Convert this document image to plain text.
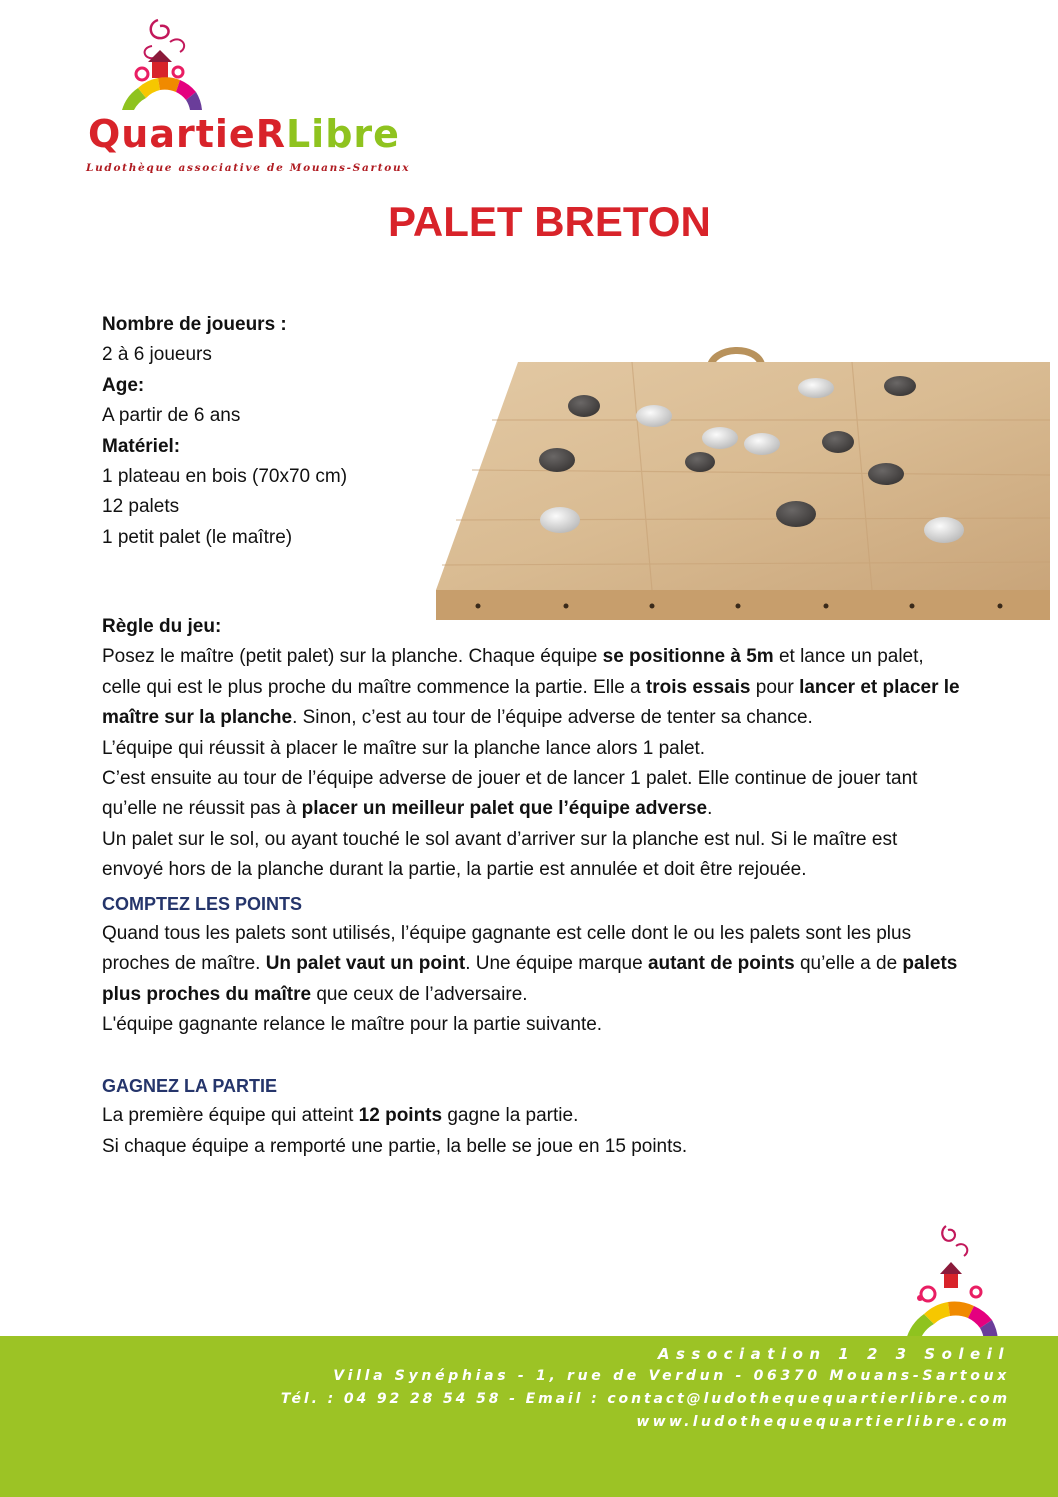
QuartieRLibre
Ludothèque associative de Mouans-Sartoux
PALET BRETON
Nombre de joueurs :
2 à 6 joueurs
Age:
A partir de 6 ans
Matériel:
1 plateau en bois (70x70 cm)
12 palets
1 petit palet (le maître)

Règle du jeu:

Posez le maître (petit palet) sur la planche. Chaque équipe se positionne à 5m et lance un palet, celle qui est le plus proche du maître commence la partie. Elle a trois essais pour lancer et placer le maître sur la planche. Sinon, c’est au tour de l’équipe adverse de tenter sa chance.

L’équipe qui réussit à placer le maître sur la planche lance alors 1 palet.

C’est ensuite au tour de l’équipe adverse de jouer et de lancer 1 palet. Elle continue de jouer tant qu’elle ne réussit pas à placer un meilleur palet que l’équipe adverse.

Un palet sur le sol, ou ayant touché le sol avant d’arriver sur la planche est nul. Si le maître est envoyé hors de la planche durant la partie, la partie est annulée et doit être rejouée.

COMPTEZ LES POINTS

Quand tous les palets sont utilisés, l’équipe gagnante est celle dont le ou les palets sont les plus proches de maître. Un palet vaut un point. Une équipe marque autant de points qu’elle a de palets plus proches du maître que ceux de l’adversaire.

L'équipe gagnante relance le maître pour la partie suivante.

GAGNEZ LA PARTIE

La première équipe qui atteint 12 points gagne la partie.

Si chaque équipe a remporté une partie, la belle se joue en 15 points.

Association 1 2 3 Soleil
Villa Synéphias - 1, rue de Verdun - 06370 Mouans-Sartoux
Tél. : 04 92 28 54 58 - Email : contact@ludothequequartierlibre.com
www.ludothequequartierlibre.com
